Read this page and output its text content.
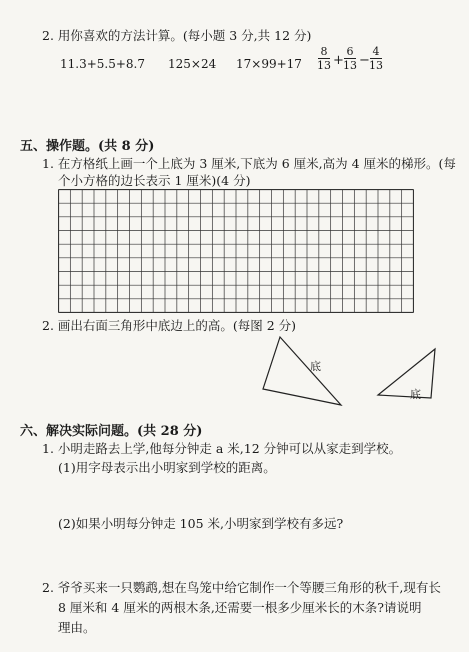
2. 用你喜欢的方法计算。(每小题 3 分,共 12 分)
11.3+5.5+8.7 125×24 17×99+17
8
13 +
6
13 −
4
13
五、操作题。(共 8 分)
1. 在方格纸上画一个上底为 3 厘米,下底为 6 厘米,高为 4 厘米的梯形。(每
个小方格的边长表示 1 厘米)(4 分)
2. 画出右面三角形中底边上的高。(每图 2 分)
底
底
六、解决实际问题。(共 28 分)
1. 小明走路去上学,他每分钟走 a 米,12 分钟可以从家走到学校。
(1)用字母表示出小明家到学校的距离。
(2)如果小明每分钟走 105 米,小明家到学校有多远?
2. 爷爷买来一只鹦鹉,想在鸟笼中给它制作一个等腰三角形的秋千,现有长
8 厘米和 4 厘米的两根木条,还需要一根多少厘米长的木条?请说明
理由。
